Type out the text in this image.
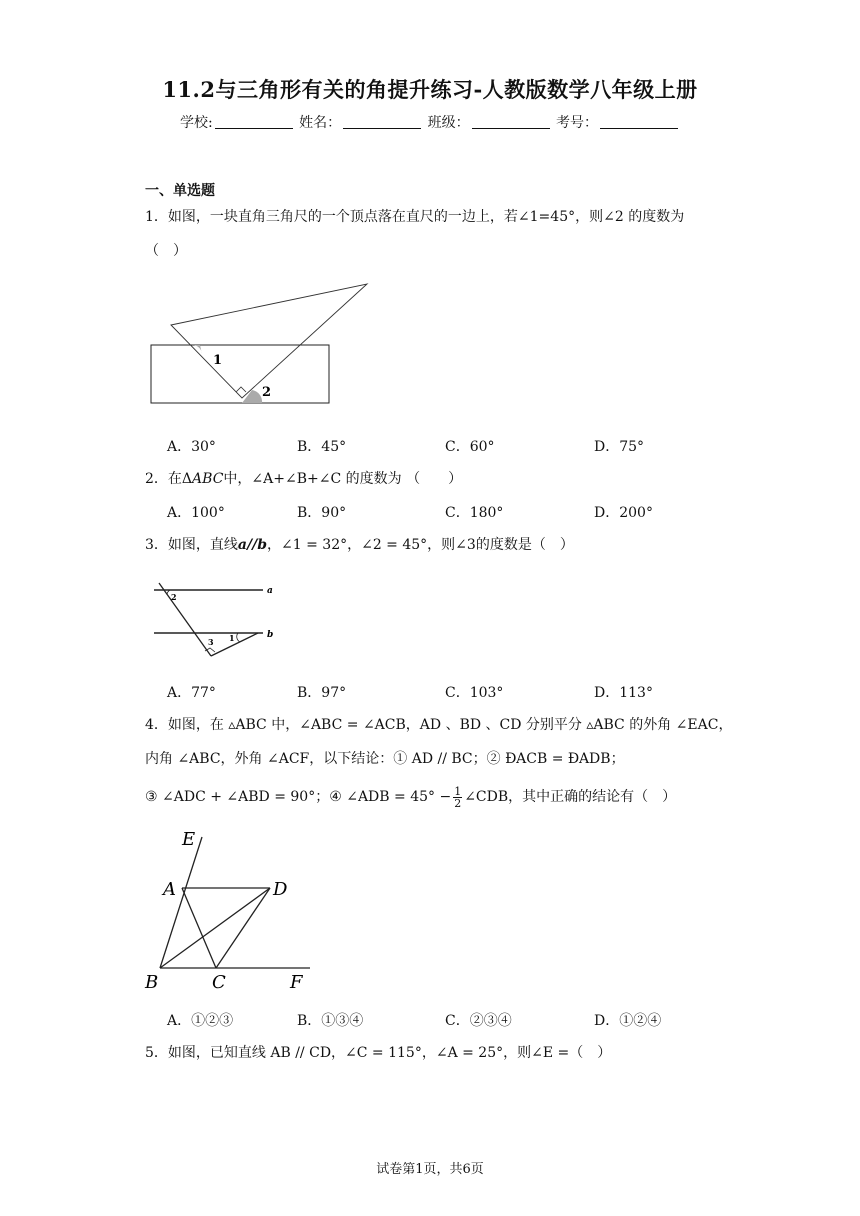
11.2与三角形有关的角提升练习-人教版数学八年级上册
学校:	姓名：	班级：	考号：
一、单选题
1．如图，一块直角三角尺的一个顶点落在直尺的一边上，若∠1=45°，则∠2 的度数为
（　）
1
2
A．30°	B．45°	C．60°	D．75°
2．在ΔABC中，∠A+∠B+∠C 的度数为 （　　）
A．100°	B．90°	C．180°	D．200°
3．如图，直线a//b，∠1 = 32°，∠2 = 45°，则∠3的度数是（　）
a
b
1
2
3
A．77°	B．97°	C．103°	D．113°
4．如图，在 ▵ABC 中，∠ABC = ∠ACB，AD 、BD 、CD 分别平分 ▵ABC 的外角 ∠EAC，
内角 ∠ABC，外角 ∠ACF，以下结论：① AD // BC；② ÐACB = ÐADB；
③ ∠ADC + ∠ABD = 90°；④ ∠ADB = $45^\circ - \frac{1}{2}$ ∠CDB，其中正确的结论有（　）
E
A	D
B	C	F
A．①②③	B．①③④	C．②③④	D．①②④
5．如图，已知直线 AB // CD，∠C = 115°，∠A = 25°，则∠E =（　）
试卷第1页，共6页
